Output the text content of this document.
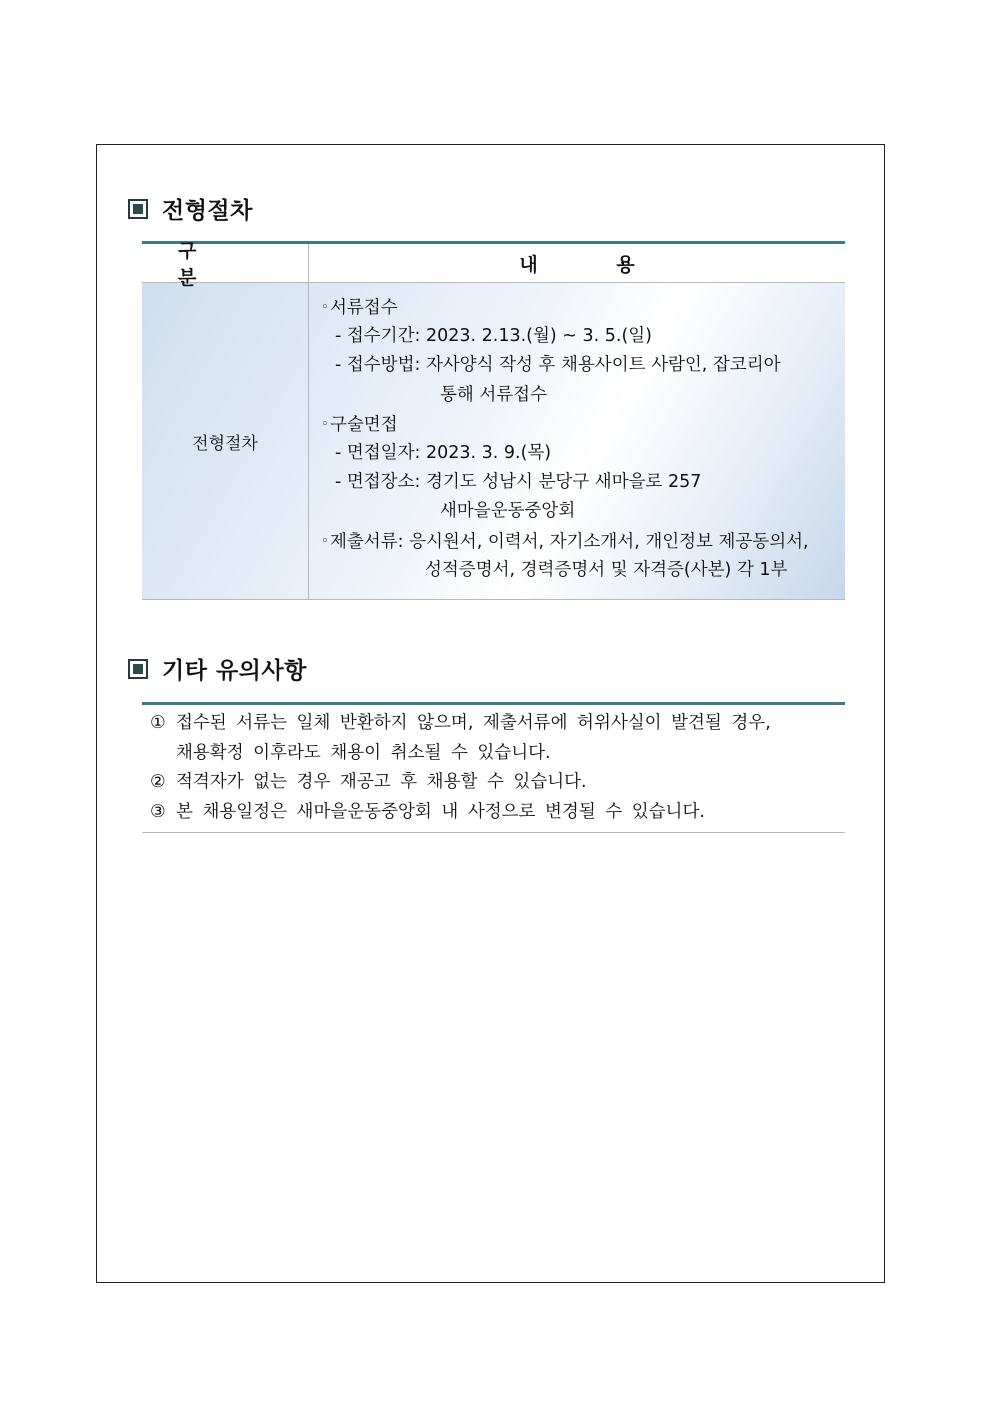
전형절차
구 분
내 용
전형절차
◦서류접수
- 접수기간: 2023. 2.13.(월) ~ 3. 5.(일)
- 접수방법: 자사양식 작성 후 채용사이트 사람인, 잡코리아
통해 서류접수
◦구술면접
- 면접일자: 2023. 3. 9.(목)
- 면접장소: 경기도 성남시 분당구 새마을로 257
새마을운동중앙회
◦제출서류: 응시원서, 이력서, 자기소개서, 개인정보 제공동의서,
성적증명서, 경력증명서 및 자격증(사본) 각 1부
기타 유의사항
① 접수된 서류는 일체 반환하지 않으며, 제출서류에 허위사실이 발견될 경우,
채용확정 이후라도 채용이 취소될 수 있습니다.
② 적격자가 없는 경우 재공고 후 채용할 수 있습니다.
③ 본 채용일정은 새마을운동중앙회 내 사정으로 변경될 수 있습니다.
